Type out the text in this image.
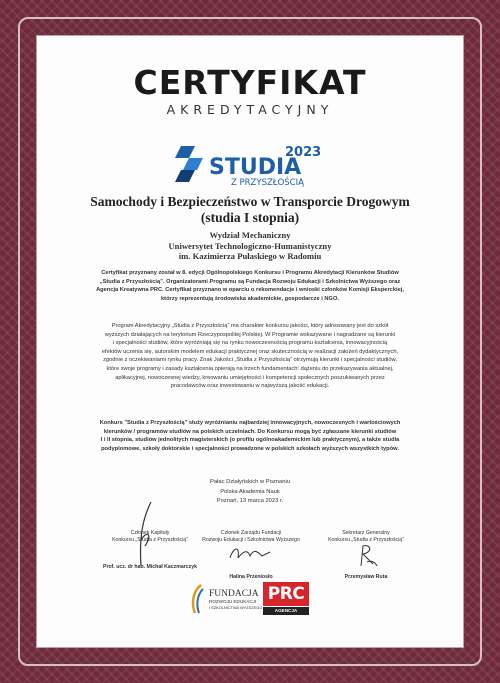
CERTYFIKAT
AKREDYTACYJNY
2023
STUDIA
Z PRZYSZŁOŚCIĄ
Samochody i Bezpieczeństwo w Transporcie Drogowym
(studia I stopnia)
Wydział Mechaniczny
Uniwersytet Technologiczno-Humanistyczny
im. Kazimierza Pułaskiego w Radomiu
Certyfikat przyznany został w 8. edycji Ogólnopolskiego Konkursu i Programu Akredytacji Kierunków Studiów
„Studia z Przyszłością”. Organizatorami Programu są Fundacja Rozwoju Edukacji i Szkolnictwa Wyższego oraz
Agencja Kreatywna PRC. Certyfikat przyznano w oparciu o rekomendacje i wnioski członków Komisji Eksperckiej,
którzy reprezentują środowiska akademickie, gospodarcze i NGO.
Program Akredytacyjny „Studia z Przyszłością” ma charakter konkursu jakości, który adresowany jest do szkół
wyższych działających na terytorium Rzeczypospolitej Polskiej. W Programie wskazywane i nagradzane są kierunki
i specjalności studiów, które wyróżniają się na rynku nowoczesnością programu kształcenia, innowacyjnością
efektów uczenia się, autorskim modelem edukacji praktycznej oraz skutecznością w realizacji założeń dydaktycznych,
zgodnie z oczekiwaniami rynku pracy. Znak Jakości „Studia z Przyszłością” otrzymują kierunki i specjalności studiów,
które swoje programy i zasady kształcenia opierają na trzech fundamentach: dążeniu do przekazywania aktualnej,
aplikacyjnej, nowoczesnej wiedzy, kreowaniu umiejętności i kompetencji społecznych poszukiwanych przez
pracodawców oraz inwestowaniu w najwyższą jakość edukacji.
Konkurs "Studia z Przyszłością" służy wyróżnianiu najbardziej innowacyjnych, nowoczesnych i wartościowych
kierunków / programów studiów na polskich uczelniach. Do Konkursu mogą być zgłaszane kierunki studiów
I i II stopnia, studiów jednolitych magisterskich (o profilu ogólnoakademickim lub praktycznym), a także studia
podyplomowe, szkoły doktorskie i specjalności prowadzone w polskich szkołach wyższych wszystkich typów.
Pałac Działyńskich w Poznaniu
Polska Akademia Nauk
Poznań, 13 marca 2023 r.
Członek Kapituły
Konkursu „Studia z Przyszłością”
Prof. ucz. dr hab. Michał Kaczmarczyk
Członek Zarządu Fundacji
Rozwoju Edukacji i Szkolnictwa Wyższego
Halina Przeniosło
Sekretarz Generalny
Konkursu „Studia z Przyszłością”
Przemysław Ruta
FUNDACJA
ROZWOJU EDUKACJI
I SZKOLNICTWA WYŻSZEGO
PRC
AGENCJA KREATYWNA
